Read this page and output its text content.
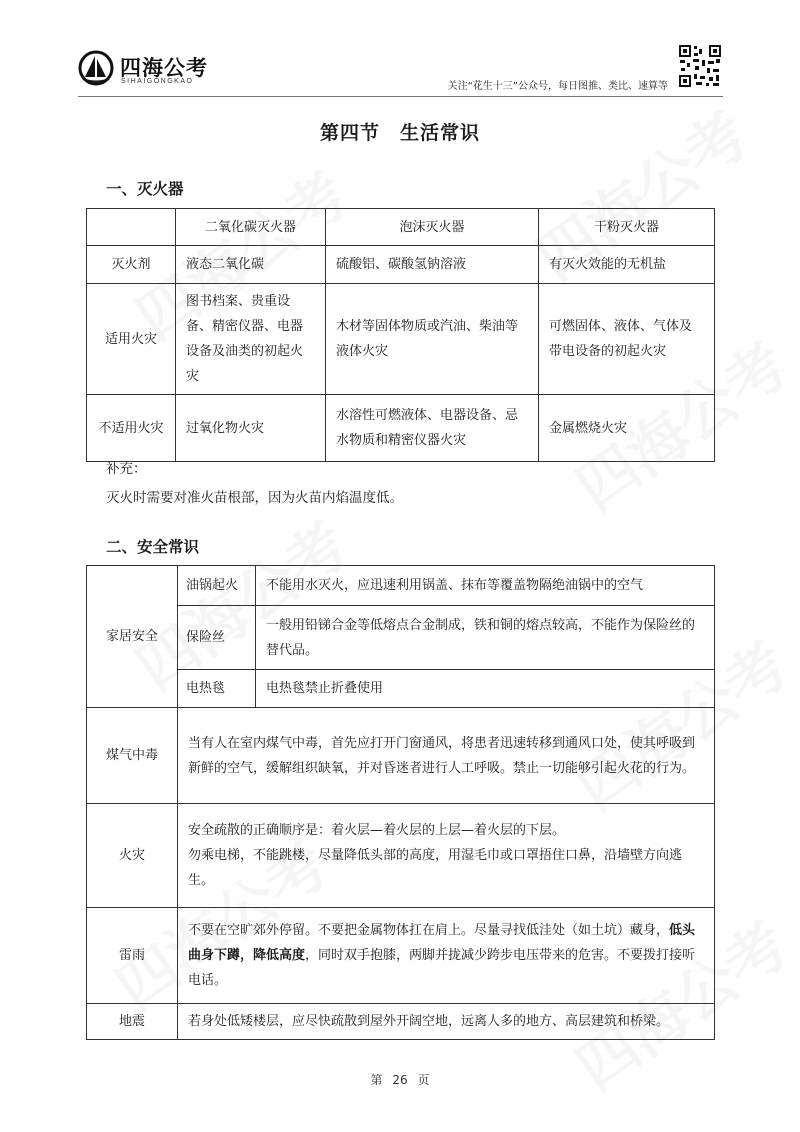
四海公考
SIHAIGONGKAO	关注“花生十三”公众号，每日图推、类比、速算等
第四节　生活常识
一、灭火器
	二氧化碳灭火器	泡沫灭火器	干粉灭火器
灭火剂	液态二氧化碳	硫酸铝、碳酸氢钠溶液	有灭火效能的无机盐
适用火灾	图书档案、贵重设备、精密仪器、电器设备及油类的初起火灾	木材等固体物质或汽油、柴油等液体火灾	可燃固体、液体、气体及带电设备的初起火灾
不适用火灾	过氧化物火灾	水溶性可燃液体、电器设备、忌水物质和精密仪器火灾	金属燃烧火灾
补充：
灭火时需要对准火苗根部，因为火苗内焰温度低。
二、安全常识
家居安全	油锅起火	不能用水灭火，应迅速利用锅盖、抹布等覆盖物隔绝油锅中的空气
	保险丝	一般用铅锑合金等低熔点合金制成，铁和铜的熔点较高，不能作为保险丝的替代品。
	电热毯	电热毯禁止折叠使用
煤气中毒	当有人在室内煤气中毒，首先应打开门窗通风，将患者迅速转移到通风口处，使其呼吸到新鲜的空气，缓解组织缺氧，并对昏迷者进行人工呼吸。禁止一切能够引起火花的行为。	
火灾	安全疏散的正确顺序是：着火层—着火层的上层—着火层的下层。
勿乘电梯，不能跳楼，尽量降低头部的高度，用湿毛巾或口罩捂住口鼻，沿墙壁方向逃生。	

雷雨	不要在空旷郊外停留。不要把金属物体扛在肩上。尽量寻找低洼处（如土坑）藏身，低头曲身下蹲，降低高度，同时双手抱膝，两脚并拢减少跨步电压带来的危害。不要拨打接听电话。	
地震	若身处低矮楼层，应尽快疏散到屋外开阔空地，远离人多的地方、高层建筑和桥梁。	
第 26 页
